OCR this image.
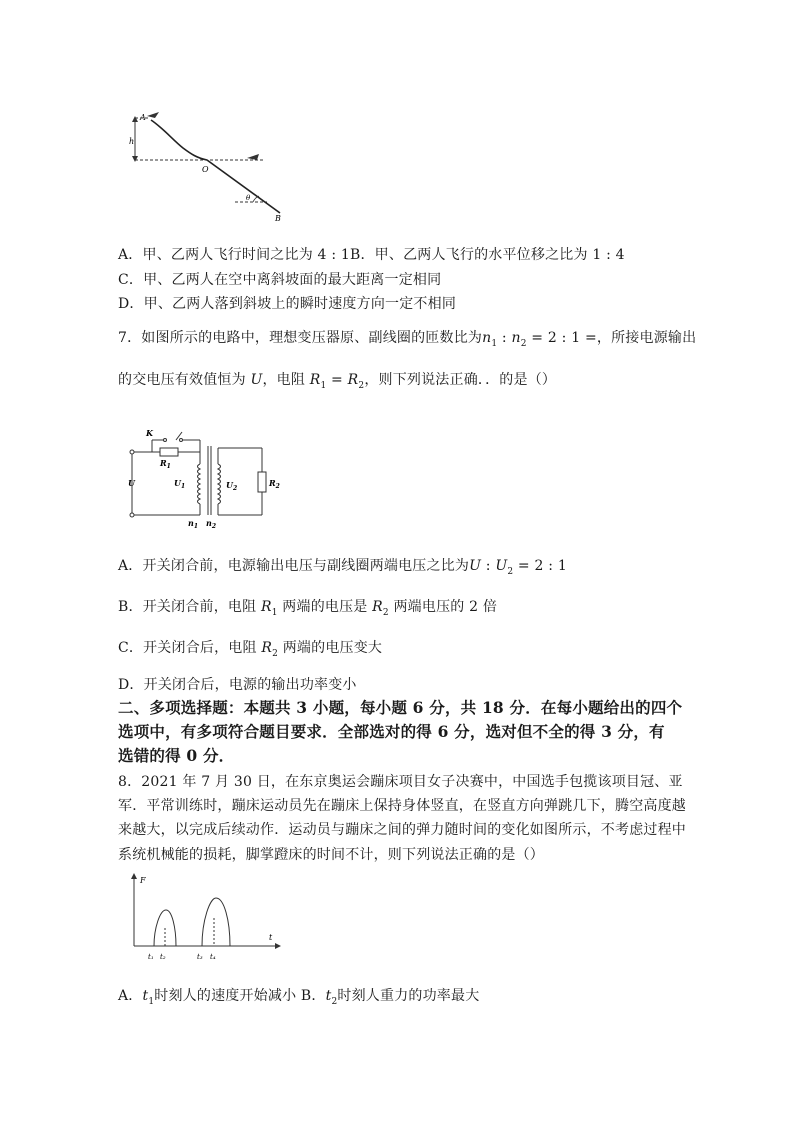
A
h
O
θ
B
A．甲、乙两人飞行时间之比为 4 : 1B．甲、乙两人飞行的水平位移之比为 1 : 4
C．甲、乙两人在空中离斜坡面的最大距离一定相同
D．甲、乙两人落到斜坡上的瞬时速度方向一定不相同
7．如图所示的电路中，理想变压器原、副线圈的匝数比为$n_1$ : $n_2 = 2$ : 1 =，所接电源输出
的交电压有效值恒为 U，电阻 $R_1 = R_2$，则下列说法正确．．的是（）
K
$R_1$
U	$U_1$	$U_2$
$R_2$
$n_1$ $n_2$
A．开关闭合前，电源输出电压与副线圈两端电压之比为U : $U_2 = 2$ : 1
B．开关闭合前，电阻 $R_1$ 两端的电压是 $R_2$ 两端电压的 2 倍
C．开关闭合后，电阻 $R_2$ 两端的电压变大
D．开关闭合后，电源的输出功率变小
二、多项选择题：本题共 3 小题，每小题 6 分，共 18 分．在每小题给出的四个
选项中，有多项符合题目要求．全部选对的得 6 分，选对但不全的得 3 分，有
选错的得 0 分．
8．2021 年 7 月 30 日，在东京奥运会蹦床项目女子决赛中，中国选手包揽该项目冠、亚
军．平常训练时，蹦床运动员先在蹦床上保持身体竖直，在竖直方向弹跳几下，腾空高度越
来越大，以完成后续动作．运动员与蹦床之间的弹力随时间的变化如图所示，不考虑过程中
系统机械能的损耗，脚掌蹬床的时间不计，则下列说法正确的是（）
F
t
t₁ t₂	t₃ t₄
A．$t_1$时刻人的速度开始减小 B．$t_2$时刻人重力的功率最大
